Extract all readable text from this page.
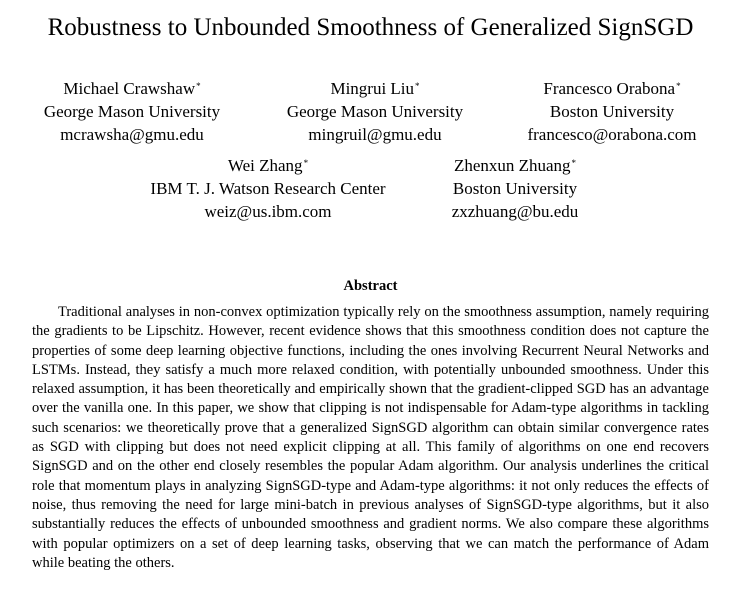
Robustness to Unbounded Smoothness of Generalized SignSGD
Michael Crawshaw*
George Mason University
mcrawsha@gmu.edu
Mingrui Liu*
George Mason University
mingruil@gmu.edu
Francesco Orabona*
Boston University
francesco@orabona.com
Wei Zhang*
IBM T. J. Watson Research Center
weiz@us.ibm.com
Zhenxun Zhuang*
Boston University
zxzhuang@bu.edu
Abstract

Traditional analyses in non-convex optimization typically rely on the smoothness assumption, namely requiring the gradients to be Lipschitz. However, recent evidence shows that this smoothness condition does not capture the properties of some deep learning objective functions, including the ones involving Recurrent Neural Networks and LSTMs. Instead, they satisfy a much more relaxed condition, with potentially unbounded smoothness. Under this relaxed assumption, it has been theoretically and empirically shown that the gradient-clipped SGD has an advantage over the vanilla one. In this paper, we show that clipping is not indispensable for Adam-type algorithms in tackling such scenarios: we theoretically prove that a generalized SignSGD algorithm can obtain similar convergence rates as SGD with clipping but does not need explicit clipping at all. This family of algorithms on one end recovers SignSGD and on the other end closely resembles the popular Adam algorithm. Our analysis underlines the critical role that momentum plays in analyzing SignSGD-type and Adam-type algorithms: it not only reduces the effects of noise, thus removing the need for large mini-batch in previous analyses of SignSGD-type algorithms, but it also substantially reduces the effects of unbounded smoothness and gradient norms. We also compare these algorithms with popular optimizers on a set of deep learning tasks, observing that we can match the performance of Adam while beating the others.
